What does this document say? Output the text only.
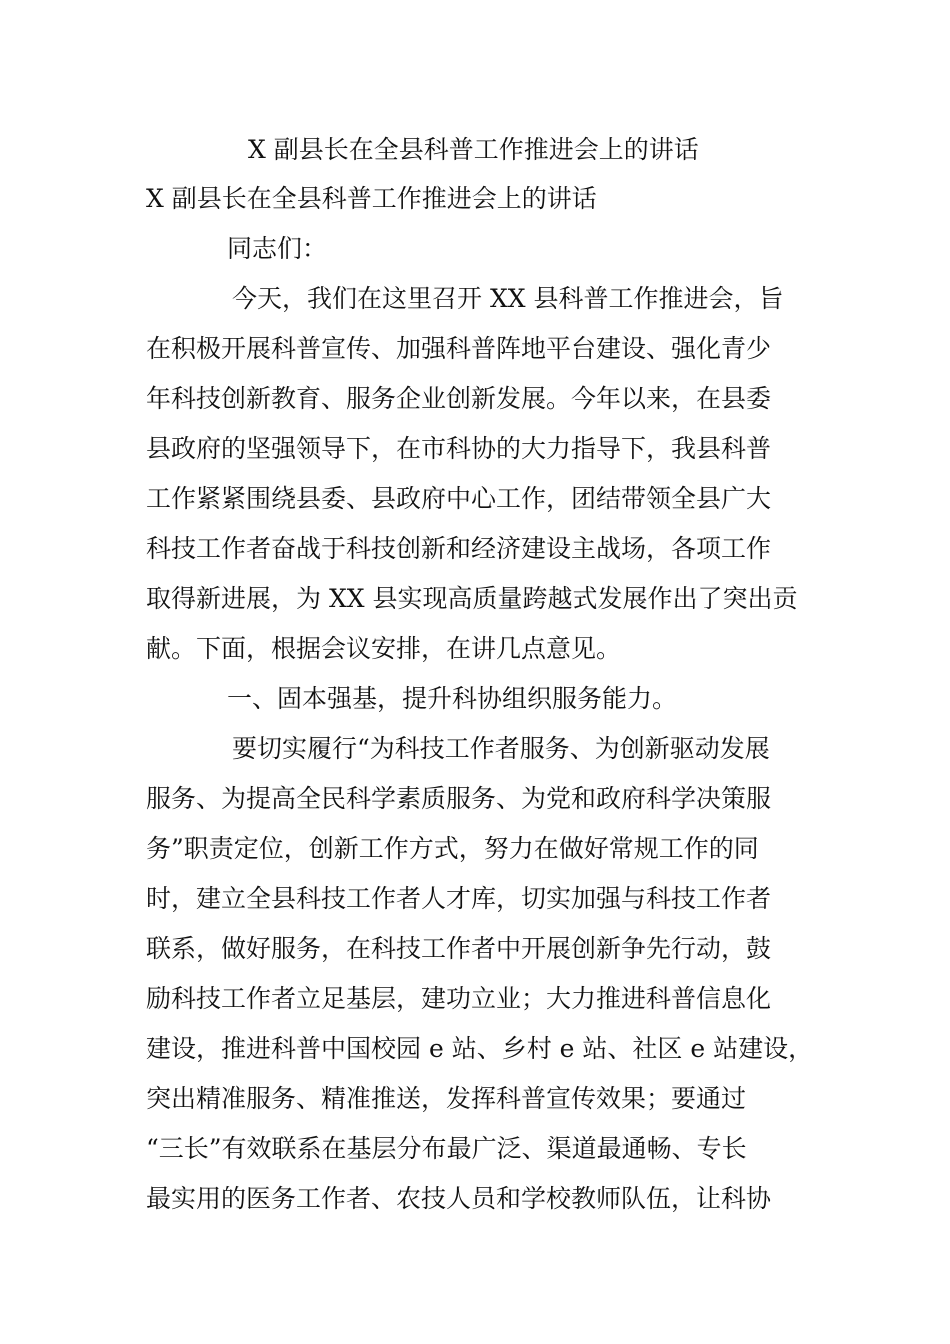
X 副县长在全县科普工作推进会上的讲话
X 副县长在全县科普工作推进会上的讲话
同志们：
今天，我们在这里召开 XX 县科普工作推进会，旨
在积极开展科普宣传、加强科普阵地平台建设、强化青少
年科技创新教育、服务企业创新发展。今年以来，在县委
县政府的坚强领导下，在市科协的大力指导下，我县科普
工作紧紧围绕县委、县政府中心工作，团结带领全县广大
科技工作者奋战于科技创新和经济建设主战场，各项工作
取得新进展，为 XX 县实现高质量跨越式发展作出了突出贡
献。下面，根据会议安排，在讲几点意见。
一、固本强基，提升科协组织服务能力。
要切实履行“为科技工作者服务、为创新驱动发展
服务、为提高全民科学素质服务、为党和政府科学决策服
务”职责定位，创新工作方式，努力在做好常规工作的同
时，建立全县科技工作者人才库，切实加强与科技工作者
联系，做好服务，在科技工作者中开展创新争先行动，鼓
励科技工作者立足基层，建功立业；大力推进科普信息化
建设，推进科普中国校园 e 站、乡村 e 站、社区 e 站建设，
突出精准服务、精准推送，发挥科普宣传效果；要通过
“三长”有效联系在基层分布最广泛、渠道最通畅、专长
最实用的医务工作者、农技人员和学校教师队伍，让科协
